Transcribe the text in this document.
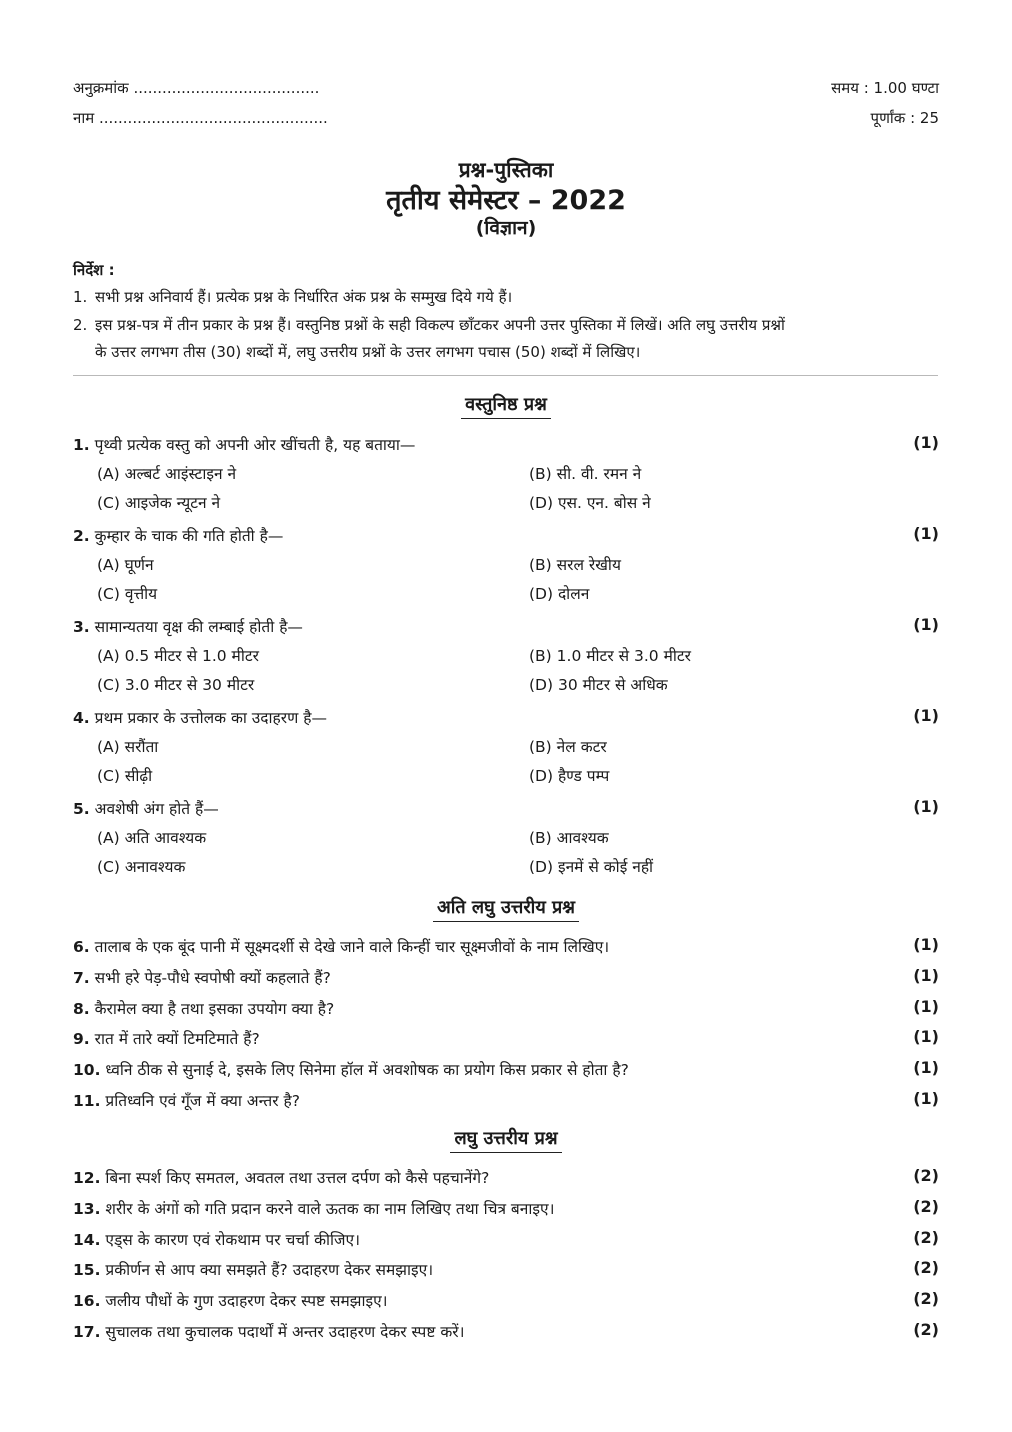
अनुक्रमांक .......................................
नाम ................................................
समय : 1.00 घण्टा
पूर्णांक : 25
प्रश्न-पुस्तिका
तृतीय सेमेस्टर – 2022
(विज्ञान)
निर्देश :
1. सभी प्रश्न अनिवार्य हैं। प्रत्येक प्रश्न के निर्धारित अंक प्रश्न के सम्मुख दिये गये हैं।
2. इस प्रश्न-पत्र में तीन प्रकार के प्रश्न हैं। वस्तुनिष्ठ प्रश्नों के सही विकल्प छाँटकर अपनी उत्तर पुस्तिका में लिखें। अति लघु उत्तरीय प्रश्नों
के उत्तर लगभग तीस (30) शब्दों में, लघु उत्तरीय प्रश्नों के उत्तर लगभग पचास (50) शब्दों में लिखिए।
वस्तुनिष्ठ प्रश्न
1. पृथ्वी प्रत्येक वस्तु को अपनी ओर खींचती है, यह बताया—	(1)
(A) अल्बर्ट आइंस्टाइन ने	(B) सी. वी. रमन ने
(C) आइजेक न्यूटन ने	(D) एस. एन. बोस ने
2. कुम्हार के चाक की गति होती है—	(1)
(A) घूर्णन	(B) सरल रेखीय
(C) वृत्तीय	(D) दोलन
3. सामान्यतया वृक्ष की लम्बाई होती है—	(1)
(A) 0.5 मीटर से 1.0 मीटर	(B) 1.0 मीटर से 3.0 मीटर
(C) 3.0 मीटर से 30 मीटर	(D) 30 मीटर से अधिक
4. प्रथम प्रकार के उत्तोलक का उदाहरण है—	(1)
(A) सरौंता	(B) नेल कटर
(C) सीढ़ी	(D) हैण्ड पम्प
5. अवशेषी अंग होते हैं—	(1)
(A) अति आवश्यक	(B) आवश्यक
(C) अनावश्यक	(D) इनमें से कोई नहीं
अति लघु उत्तरीय प्रश्न
6. तालाब के एक बूंद पानी में सूक्ष्मदर्शी से देखे जाने वाले किन्हीं चार सूक्ष्मजीवों के नाम लिखिए।	(1)
7. सभी हरे पेड़-पौधे स्वपोषी क्यों कहलाते हैं?	(1)
8. कैरामेल क्या है तथा इसका उपयोग क्या है?	(1)
9. रात में तारे क्यों टिमटिमाते हैं?	(1)
10. ध्वनि ठीक से सुनाई दे, इसके लिए सिनेमा हॉल में अवशोषक का प्रयोग किस प्रकार से होता है?	(1)
11. प्रतिध्वनि एवं गूँज में क्या अन्तर है?	(1)
लघु उत्तरीय प्रश्न
12. बिना स्पर्श किए समतल, अवतल तथा उत्तल दर्पण को कैसे पहचानेंगे?	(2)
13. शरीर के अंगों को गति प्रदान करने वाले ऊतक का नाम लिखिए तथा चित्र बनाइए।	(2)
14. एड्स के कारण एवं रोकथाम पर चर्चा कीजिए।	(2)
15. प्रकीर्णन से आप क्या समझते हैं? उदाहरण देकर समझाइए।	(2)
16. जलीय पौधों के गुण उदाहरण देकर स्पष्ट समझाइए।	(2)
17. सुचालक तथा कुचालक पदार्थों में अन्तर उदाहरण देकर स्पष्ट करें।	(2)
